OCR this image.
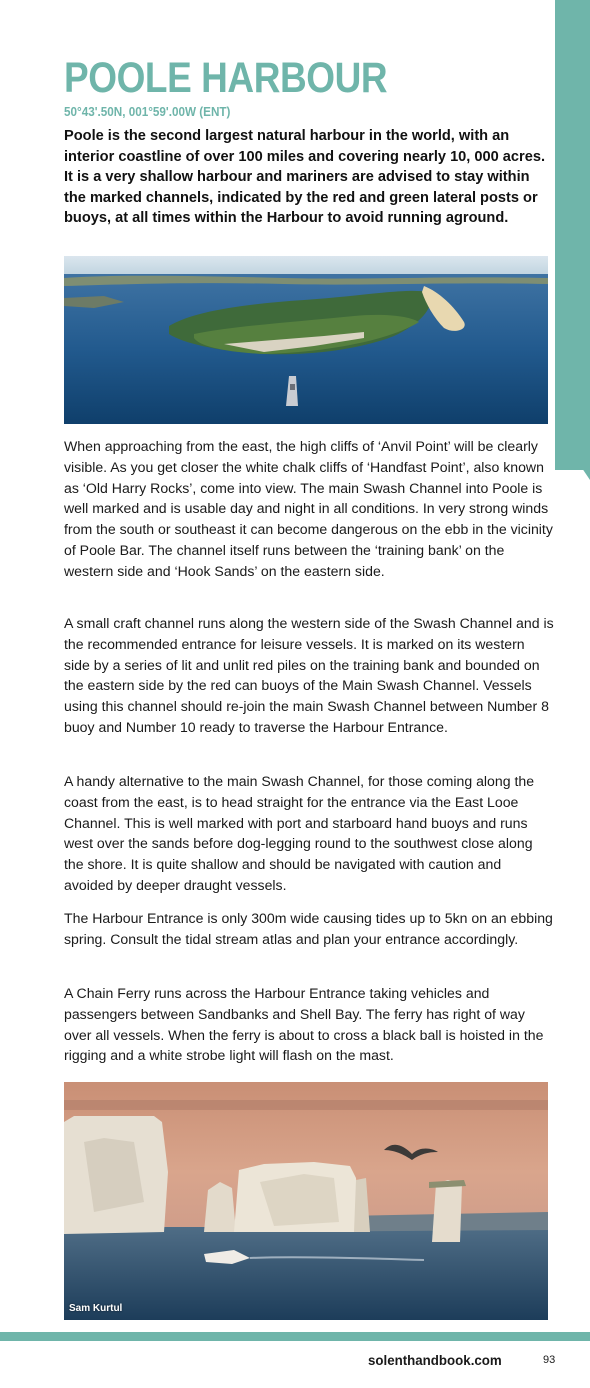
POOLE HARBOUR
50°43'.50N, 001°59'.00W (ENT)

Poole is the second largest natural harbour in the world, with an interior coastline of over 100 miles and covering nearly 10, 000 acres. It is a very shallow harbour and mariners are advised to stay within the marked channels, indicated by the red and green lateral posts or buoys, at all times within the Harbour to avoid running aground.

When approaching from the east, the high cliffs of ‘Anvil Point’ will be clearly visible. As you get closer the white chalk cliffs of ‘Handfast Point’, also known as ‘Old Harry Rocks’, come into view. The main Swash Channel into Poole is well marked and is usable day and night in all conditions. In very strong winds from the south or southeast it can become dangerous on the ebb in the vicinity of Poole Bar. The channel itself runs between the ‘training bank’ on the western side and ‘Hook Sands’ on the eastern side.

A small craft channel runs along the western side of the Swash Channel and is the recommended entrance for leisure vessels. It is marked on its western side by a series of lit and unlit red piles on the training bank and bounded on the eastern side by the red can buoys of the Main Swash Channel. Vessels using this channel should re-join the main Swash Channel between Number 8 buoy and Number 10 ready to traverse the Harbour Entrance.

A handy alternative to the main Swash Channel, for those coming along the coast from the east, is to head straight for the entrance via the East Looe Channel. This is well marked with port and starboard hand buoys and runs west over the sands before dog-legging round to the southwest close along the shore. It is quite shallow and should be navigated with caution and avoided by deeper draught vessels.

The Harbour Entrance is only 300m wide causing tides up to 5kn on an ebbing spring. Consult the tidal stream atlas and plan your entrance accordingly.

A Chain Ferry runs across the Harbour Entrance taking vehicles and passengers between Sandbanks and Shell Bay. The ferry has right of way over all vessels. When the ferry is about to cross a black ball is hoisted in the rigging and a white strobe light will flash on the mast.

Sam Kurtul
solenthandbook.com	93
